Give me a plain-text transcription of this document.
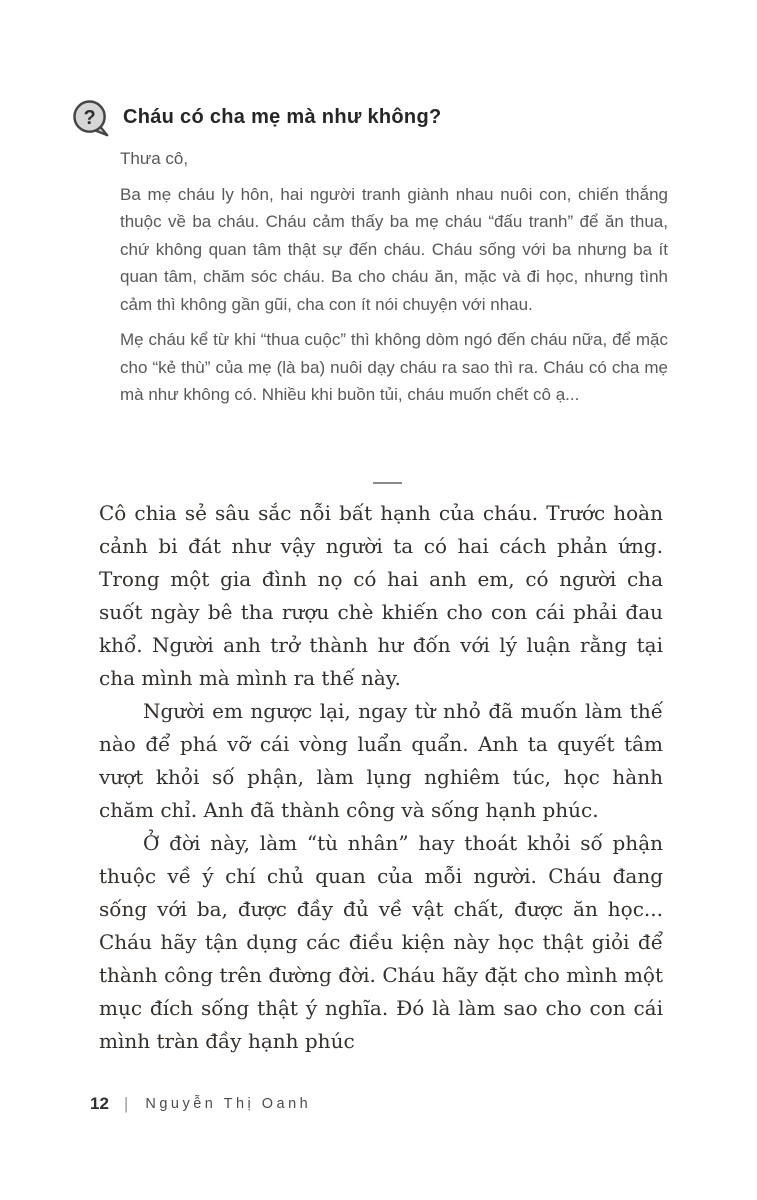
? Cháu có cha mẹ mà như không?

Thưa cô,

Ba mẹ cháu ly hôn, hai người tranh giành nhau nuôi con, chiến thắng thuộc về ba cháu. Cháu cảm thấy ba mẹ cháu “đấu tranh” để ăn thua, chứ không quan tâm thật sự đến cháu. Cháu sống với ba nhưng ba ít quan tâm, chăm sóc cháu. Ba cho cháu ăn, mặc và đi học, nhưng tình cảm thì không gần gũi, cha con ít nói chuyện với nhau.

Mẹ cháu kể từ khi “thua cuộc” thì không dòm ngó đến cháu nữa, để mặc cho “kẻ thù” của mẹ (là ba) nuôi dạy cháu ra sao thì ra. Cháu có cha mẹ mà như không có. Nhiều khi buồn tủi, cháu muốn chết cô ạ...

Cô chia sẻ sâu sắc nỗi bất hạnh của cháu. Trước hoàn cảnh bi đát như vậy người ta có hai cách phản ứng. Trong một gia đình nọ có hai anh em, có người cha suốt ngày bê tha rượu chè khiến cho con cái phải đau khổ. Người anh trở thành hư đốn với lý luận rằng tại cha mình mà mình ra thế này.

Người em ngược lại, ngay từ nhỏ đã muốn làm thế nào để phá vỡ cái vòng luẩn quẩn. Anh ta quyết tâm vượt khỏi số phận, làm lụng nghiêm túc, học hành chăm chỉ. Anh đã thành công và sống hạnh phúc.

Ở đời này, làm “tù nhân” hay thoát khỏi số phận thuộc về ý chí chủ quan của mỗi người. Cháu đang sống với ba, được đầy đủ về vật chất, được ăn học... Cháu hãy tận dụng các điều kiện này học thật giỏi để thành công trên đường đời. Cháu hãy đặt cho mình một mục đích sống thật ý nghĩa. Đó là làm sao cho con cái mình tràn đầy hạnh phúc

12 | Nguyễn Thị Oanh
